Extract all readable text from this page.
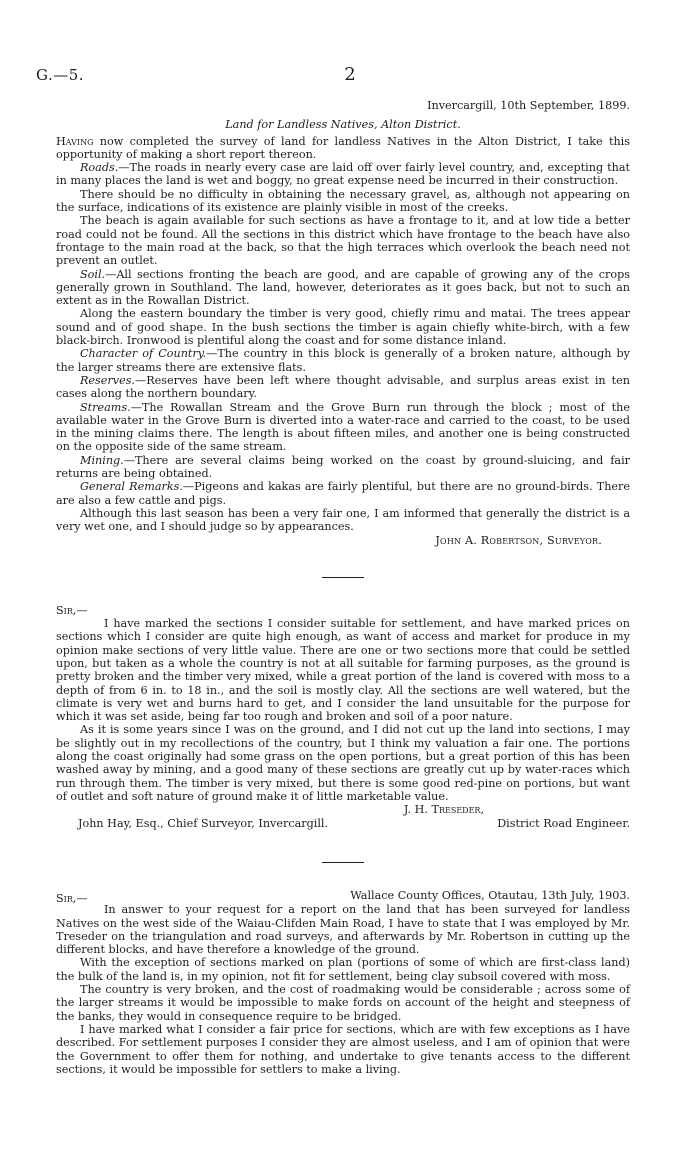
G.—5.	2
Invercargill, 10th September, 1899.
Land for Landless Natives, Alton District.

Having now completed the survey of land for landless Natives in the Alton District, I take this opportunity of making a short report thereon.

Roads.—The roads in nearly every case are laid off over fairly level country, and, excepting that in many places the land is wet and boggy, no great expense need be incurred in their construction.

There should be no difficulty in obtaining the necessary gravel, as, although not appearing on the surface, indications of its existence are plainly visible in most of the creeks.

The beach is again available for such sections as have a frontage to it, and at low tide a better road could not be found. All the sections in this district which have frontage to the beach have also frontage to the main road at the back, so that the high terraces which overlook the beach need not prevent an outlet.

Soil.—All sections fronting the beach are good, and are capable of growing any of the crops generally grown in Southland. The land, however, deteriorates as it goes back, but not to such an extent as in the Rowallan District.

Along the eastern boundary the timber is very good, chiefly rimu and matai. The trees appear sound and of good shape. In the bush sections the timber is again chiefly white-birch, with a few black-birch. Ironwood is plentiful along the coast and for some distance inland.

Character of Country.—The country in this block is generally of a broken nature, although by the larger streams there are extensive flats.

Reserves.—Reserves have been left where thought advisable, and surplus areas exist in ten cases along the northern boundary.

Streams.—The Rowallan Stream and the Grove Burn run through the block ; most of the available water in the Grove Burn is diverted into a water-race and carried to the coast, to be used in the mining claims there. The length is about fifteen miles, and another one is being constructed on the opposite side of the same stream.

Mining.—There are several claims being worked on the coast by ground-sluicing, and fair returns are being obtained.

General Remarks.—Pigeons and kakas are fairly plentiful, but there are no ground-birds. There are also a few cattle and pigs.

Although this last season has been a very fair one, I am informed that generally the district is a very wet one, and I should judge so by appearances.

John A. Robertson, Surveyor.

Sir,—

I have marked the sections I consider suitable for settlement, and have marked prices on sections which I consider are quite high enough, as want of access and market for produce in my opinion make sections of very little value. There are one or two sections more that could be settled upon, but taken as a whole the country is not at all suitable for farming purposes, as the ground is pretty broken and the timber very mixed, while a great portion of the land is covered with moss to a depth of from 6 in. to 18 in., and the soil is mostly clay. All the sections are well watered, but the climate is very wet and burns hard to get, and I consider the land unsuitable for the purpose for which it was set aside, being far too rough and broken and soil of a poor nature.

As it is some years since I was on the ground, and I did not cut up the land into sections, I may be slightly out in my recollections of the country, but I think my valuation a fair one. The portions along the coast originally had some grass on the open portions, but a great portion of this has been washed away by mining, and a good many of these sections are greatly cut up by water-races which run through them. The timber is very mixed, but there is some good red-pine on portions, but want of outlet and soft nature of ground make it of little marketable value.

J. H. Treseder,
District Road Engineer.
John Hay, Esq., Chief Surveyor, Invercargill.
Sir,—	Wallace County Offices, Otautau, 13th July, 1903.

In answer to your request for a report on the land that has been surveyed for landless Natives on the west side of the Waiau-Clifden Main Road, I have to state that I was employed by Mr. Treseder on the triangulation and road surveys, and afterwards by Mr. Robertson in cutting up the different blocks, and have therefore a knowledge of the ground.

With the exception of sections marked on plan (portions of some of which are first-class land) the bulk of the land is, in my opinion, not fit for settlement, being clay subsoil covered with moss.

The country is very broken, and the cost of roadmaking would be considerable ; across some of the larger streams it would be impossible to make fords on account of the height and steepness of the banks, they would in consequence require to be bridged.

I have marked what I consider a fair price for sections, which are with few exceptions as I have described. For settlement purposes I consider they are almost useless, and I am of opinion that were the Government to offer them for nothing, and undertake to give tenants access to the different sections, it would be impossible for settlers to make a living.
